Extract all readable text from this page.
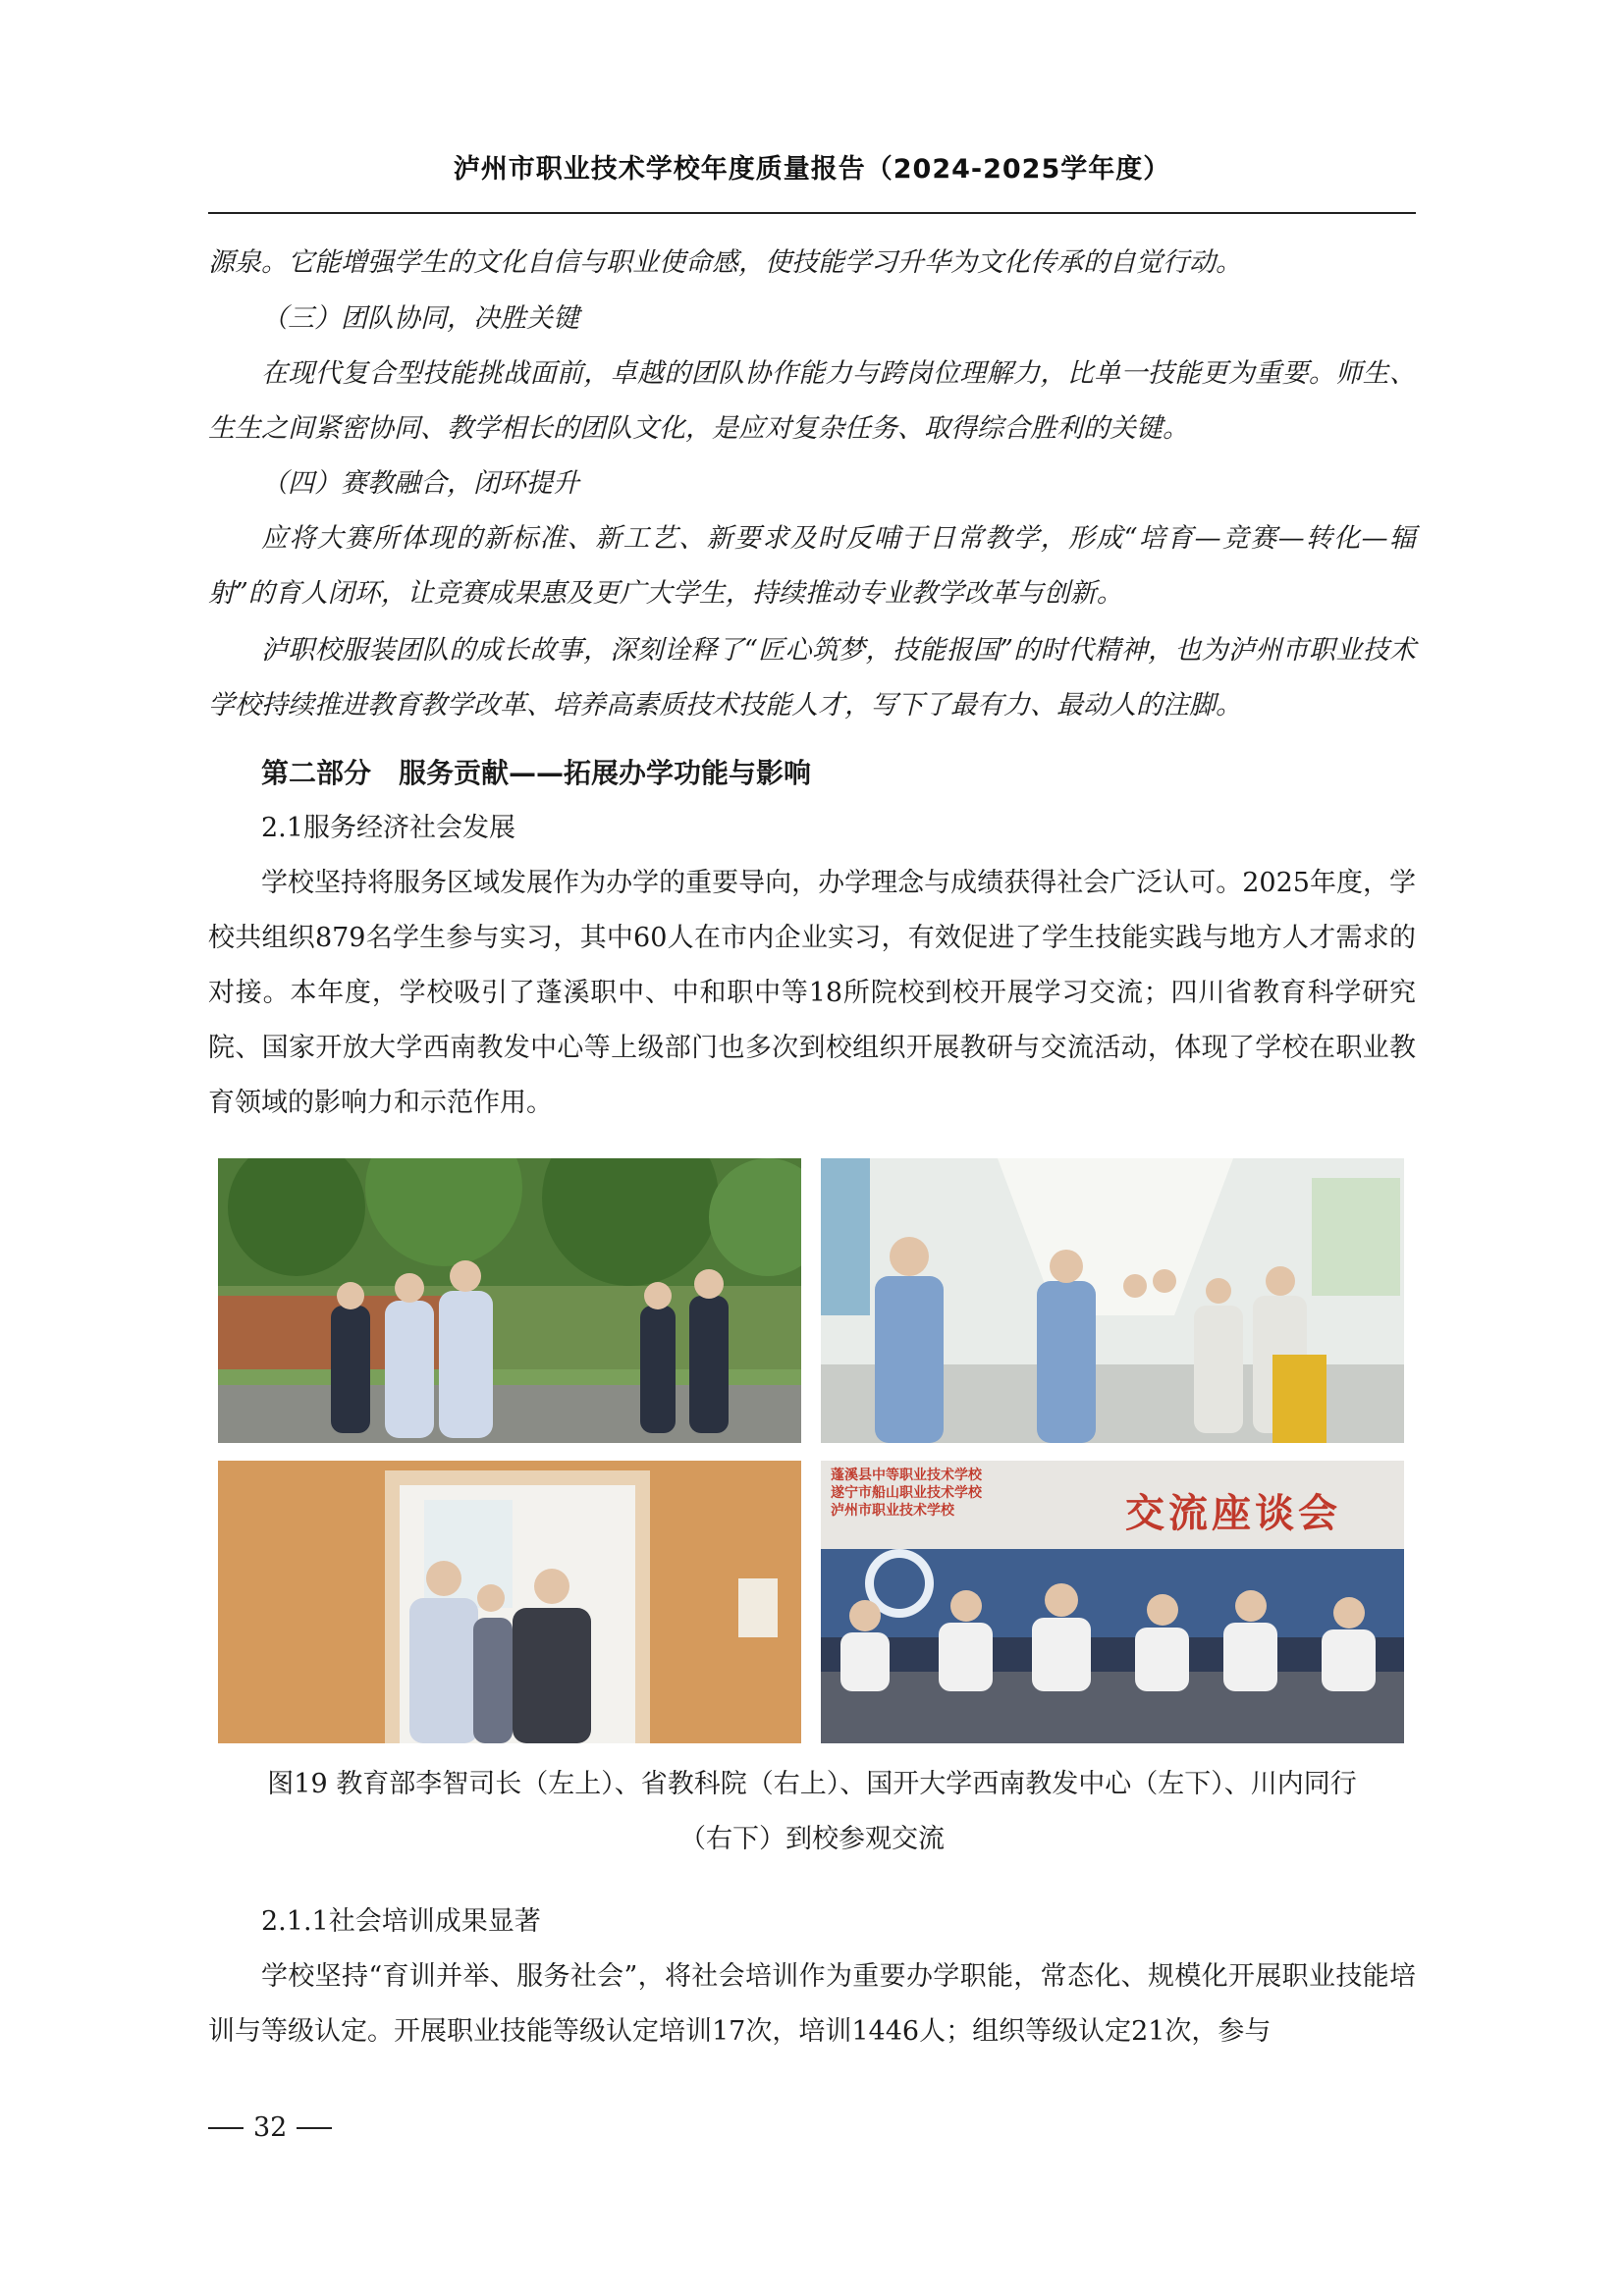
泸州市职业技术学校年度质量报告（2024-2025学年度）

源泉。它能增强学生的文化自信与职业使命感，使技能学习升华为文化传承的自觉行动。

（三）团队协同，决胜关键

在现代复合型技能挑战面前，卓越的团队协作能力与跨岗位理解力，比单一技能更为重要。师生、生生之间紧密协同、教学相长的团队文化，是应对复杂任务、取得综合胜利的关键。

（四）赛教融合，闭环提升

应将大赛所体现的新标准、新工艺、新要求及时反哺于日常教学，形成“培育—竞赛—转化—辐射”的育人闭环，让竞赛成果惠及更广大学生，持续推动专业教学改革与创新。

泸职校服装团队的成长故事，深刻诠释了“匠心筑梦，技能报国”的时代精神，也为泸州市职业技术学校持续推进教育教学改革、培养高素质技术技能人才，写下了最有力、最动人的注脚。

第二部分　服务贡献——拓展办学功能与影响

2.1服务经济社会发展

学校坚持将服务区域发展作为办学的重要导向，办学理念与成绩获得社会广泛认可。2025年度，学校共组织879名学生参与实习，其中60人在市内企业实习，有效促进了学生技能实践与地方人才需求的对接。本年度，学校吸引了蓬溪职中、中和职中等18所院校到校开展学习交流；四川省教育科学研究院、国家开放大学西南教发中心等上级部门也多次到校组织开展教研与交流活动，体现了学校在职业教育领域的影响力和示范作用。

蓬溪县中等职业技术学校
遂宁市船山职业技术学校
泸州市职业技术学校	交流座谈会

图19 教育部李智司长（左上）、省教科院（右上）、国开大学西南教发中心（左下）、川内同行

（右下）到校参观交流

2.1.1社会培训成果显著

学校坚持“育训并举、服务社会”，将社会培训作为重要办学职能，常态化、规模化开展职业技能培训与等级认定。开展职业技能等级认定培训17次，培训1446人；组织等级认定21次，参与

32
